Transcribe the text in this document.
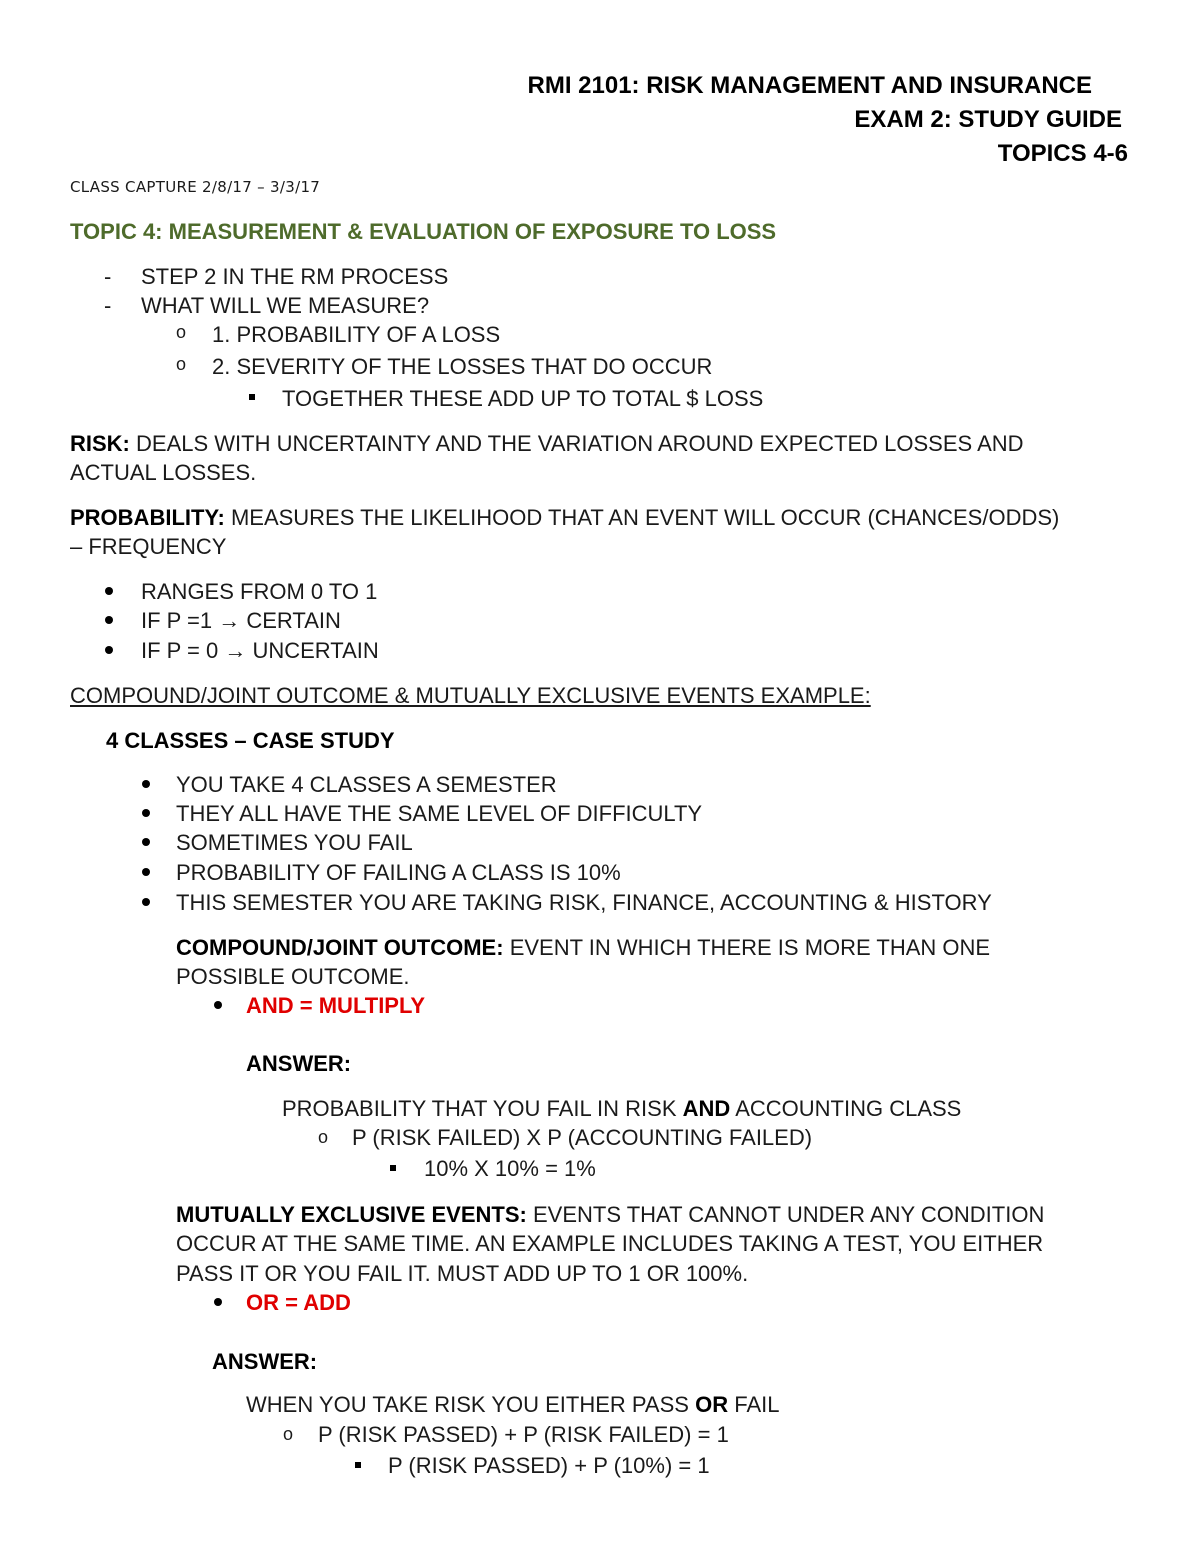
RMI 2101: RISK MANAGEMENT AND INSURANCE
EXAM 2: STUDY GUIDE
TOPICS 4-6
CLASS CAPTURE 2/8/17 – 3/3/17
TOPIC 4: MEASUREMENT & EVALUATION OF EXPOSURE TO LOSS
- STEP 2 IN THE RM PROCESS
- WHAT WILL WE MEASURE?
o 1. PROBABILITY OF A LOSS
o 2. SEVERITY OF THE LOSSES THAT DO OCCUR
TOGETHER THESE ADD UP TO TOTAL $ LOSS
RISK: DEALS WITH UNCERTAINTY AND THE VARIATION AROUND EXPECTED LOSSES AND
ACTUAL LOSSES.
PROBABILITY: MEASURES THE LIKELIHOOD THAT AN EVENT WILL OCCUR (CHANCES/ODDS)
– FREQUENCY
RANGES FROM 0 TO 1
IF P =1 → CERTAIN
IF P = 0 → UNCERTAIN
COMPOUND/JOINT OUTCOME & MUTUALLY EXCLUSIVE EVENTS EXAMPLE:
4 CLASSES – CASE STUDY
YOU TAKE 4 CLASSES A SEMESTER
THEY ALL HAVE THE SAME LEVEL OF DIFFICULTY
SOMETIMES YOU FAIL
PROBABILITY OF FAILING A CLASS IS 10%
THIS SEMESTER YOU ARE TAKING RISK, FINANCE, ACCOUNTING & HISTORY
COMPOUND/JOINT OUTCOME: EVENT IN WHICH THERE IS MORE THAN ONE
POSSIBLE OUTCOME.
AND = MULTIPLY
ANSWER:
PROBABILITY THAT YOU FAIL IN RISK AND ACCOUNTING CLASS
o P (RISK FAILED) X P (ACCOUNTING FAILED)
10% X 10% = 1%
MUTUALLY EXCLUSIVE EVENTS: EVENTS THAT CANNOT UNDER ANY CONDITION
OCCUR AT THE SAME TIME. AN EXAMPLE INCLUDES TAKING A TEST, YOU EITHER
PASS IT OR YOU FAIL IT. MUST ADD UP TO 1 OR 100%.
OR = ADD
ANSWER:
WHEN YOU TAKE RISK YOU EITHER PASS OR FAIL
o P (RISK PASSED) + P (RISK FAILED) = 1
P (RISK PASSED) + P (10%) = 1
